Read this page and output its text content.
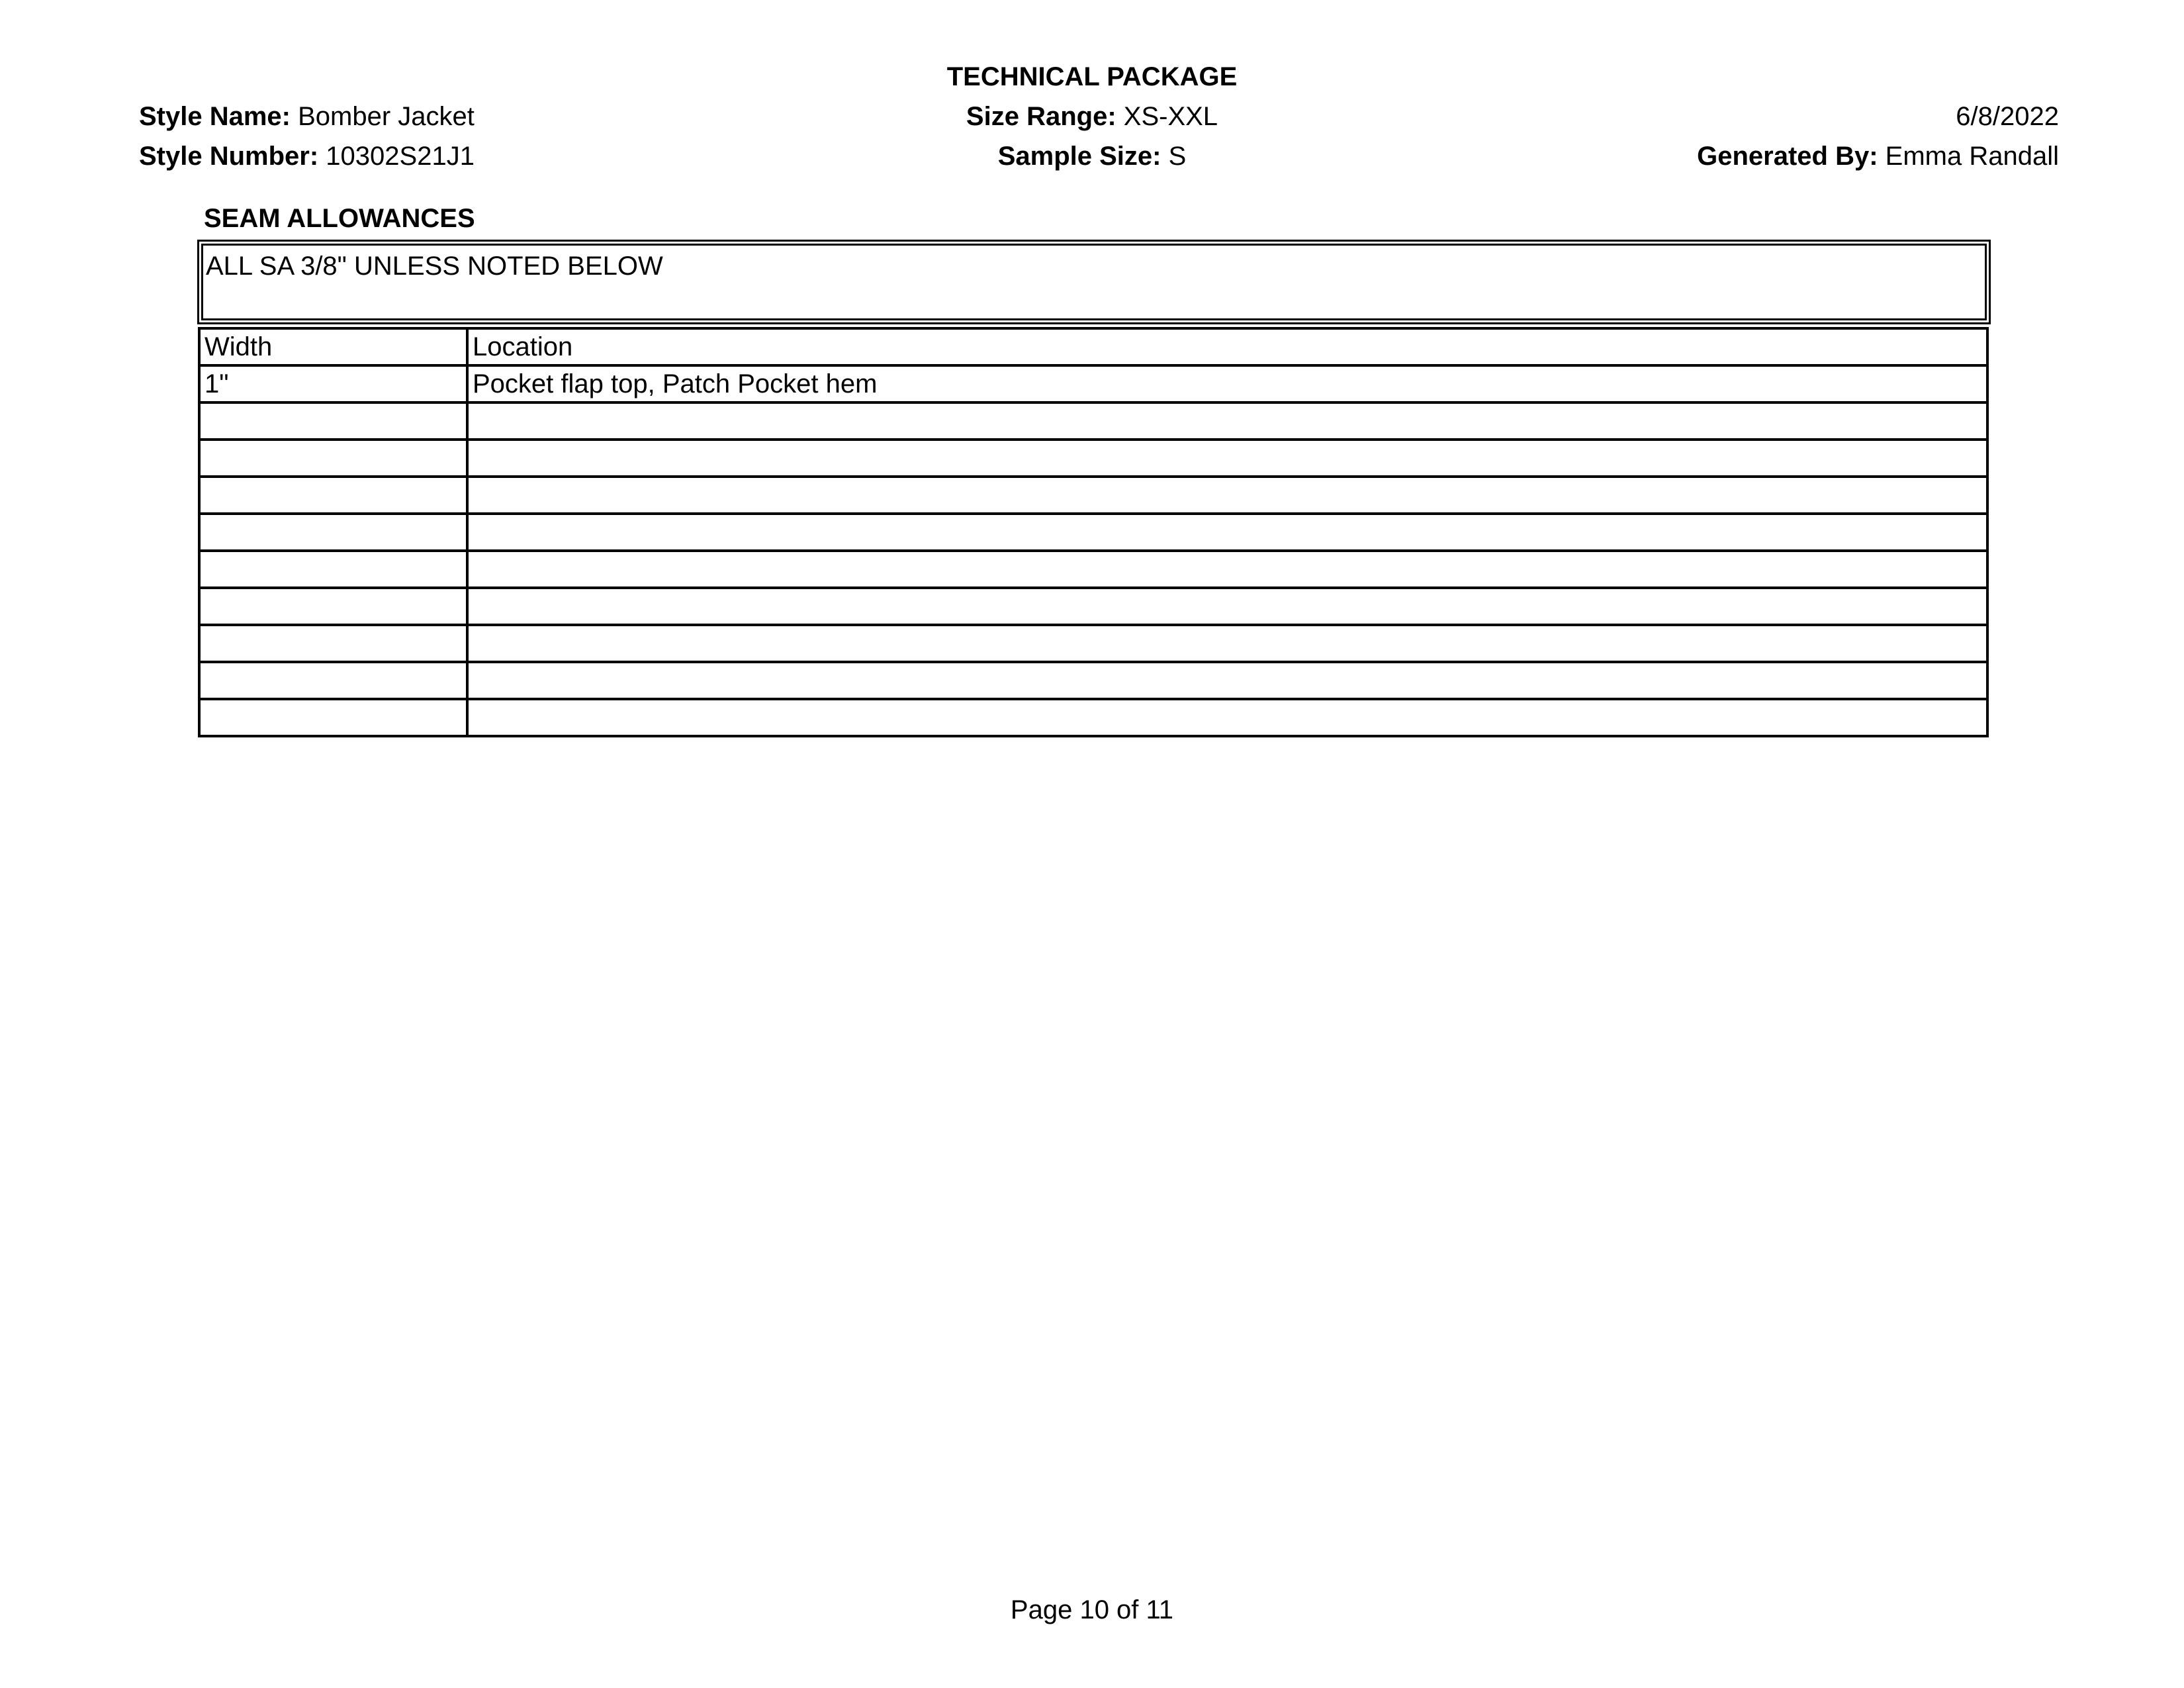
TECHNICAL PACKAGE
Style Name: Bomber Jacket
Style Number: 10302S21J1
Size Range: XS-XXL
Sample Size: S
6/8/2022
Generated By: Emma Randall
SEAM ALLOWANCES
ALL SA 3/8" UNLESS NOTED BELOW
Width	Location
1"	Pocket flap top, Patch Pocket hem

Page 10 of 11
